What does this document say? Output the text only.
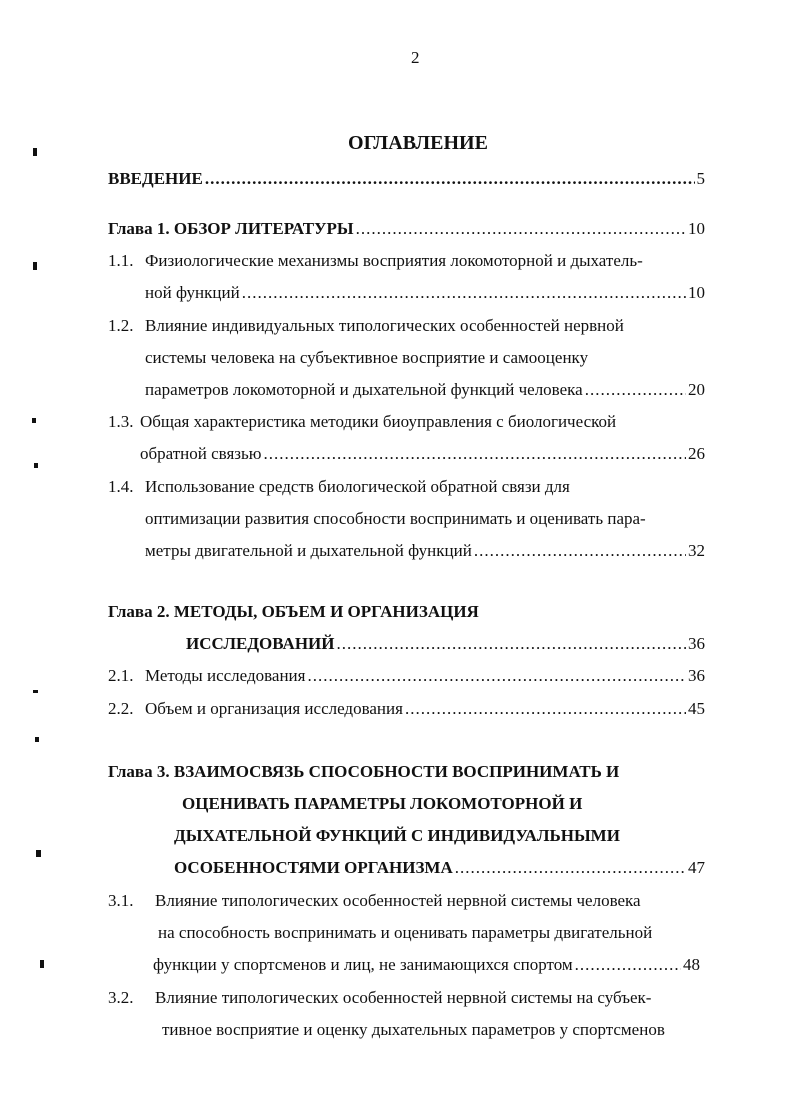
2
ОГЛАВЛЕНИЕ
ВВЕДЕНИЕ .....	5
Глава 1. ОБЗОР ЛИТЕРАТУРЫ .....	10
1.1. Физиологические механизмы восприятия локомоторной и дыхатель-
ной функций .....	10
1.2. Влияние индивидуальных типологических особенностей нервной
системы человека на субъективное восприятие и самооценку
параметров локомоторной и дыхательной функций человека .....	20
1.3. Общая характеристика методики биоуправления с биологической
обратной связью .....	26
1.4. Использование средств биологической обратной связи для
оптимизации развития способности воспринимать и оценивать пара-
метры двигательной и дыхательной функций .....	32
Глава 2. МЕТОДЫ, ОБЪЕМ И ОРГАНИЗАЦИЯ
ИССЛЕДОВАНИЙ .....	36
2.1. Методы исследования .....	36
2.2. Объем и организация исследования .....	45
Глава 3. ВЗАИМОСВЯЗЬ СПОСОБНОСТИ ВОСПРИНИМАТЬ И
ОЦЕНИВАТЬ ПАРАМЕТРЫ ЛОКОМОТОРНОЙ И
ДЫХАТЕЛЬНОЙ ФУНКЦИЙ С ИНДИВИДУАЛЬНЫМИ
ОСОБЕННОСТЯМИ ОРГАНИЗМА .....	47
3.1. Влияние типологических особенностей нервной системы человека
на способность воспринимать и оценивать параметры двигательной
функции у спортсменов и лиц, не занимающихся спортом .....	48
3.2. Влияние типологических особенностей нервной системы на субъек-
тивное восприятие и оценку дыхательных параметров у спортсменов
